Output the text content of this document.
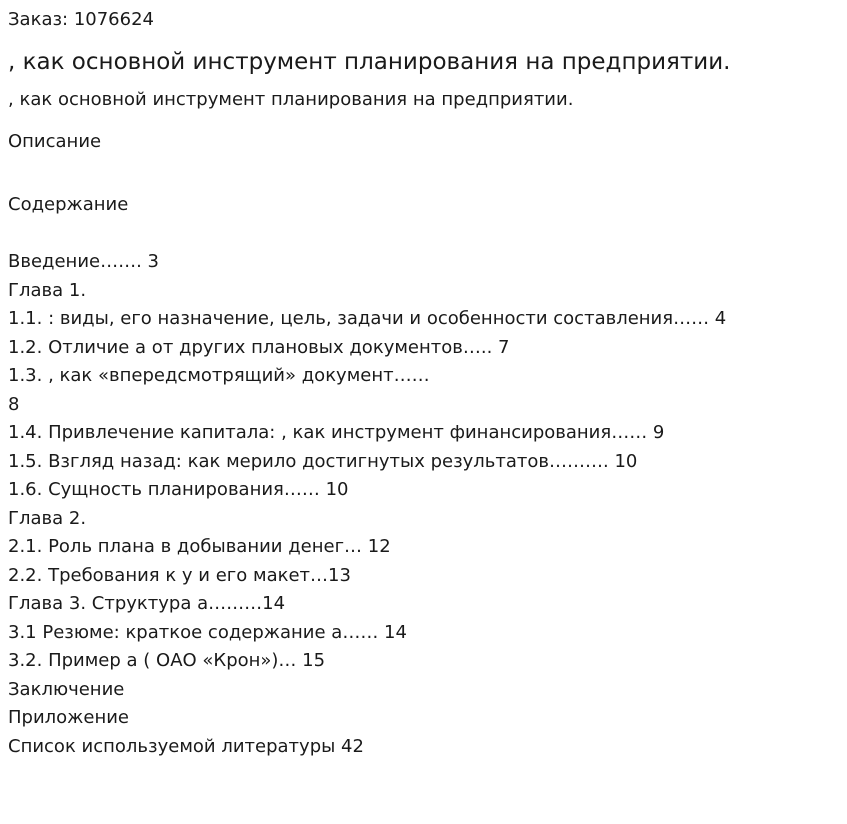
Заказ: 1076624
, как основной инструмент планирования на предприятии.
, как основной инструмент планирования на предприятии.
Описание
Содержание
Введение……. 3
Глава 1.
1.1. : виды, его назначение, цель, задачи и особенности составления…… 4
1.2. Отличие а от других плановых документов….. 7
1.3. , как «впередсмотрящий» документ……
8
1.4. Привлечение капитала: , как инструмент финансирования…… 9
1.5. Взгляд назад: как мерило достигнутых результатов………. 10
1.6. Сущность планирования…… 10
Глава 2.
2.1. Роль плана в добывании денег… 12
2.2. Требования к у и его макет…13
Глава 3. Структура а………14
3.1 Резюме: краткое содержание а…… 14
3.2. Пример а ( ОАО «Крон»)… 15
Заключение
Приложение
Список используемой литературы 42
